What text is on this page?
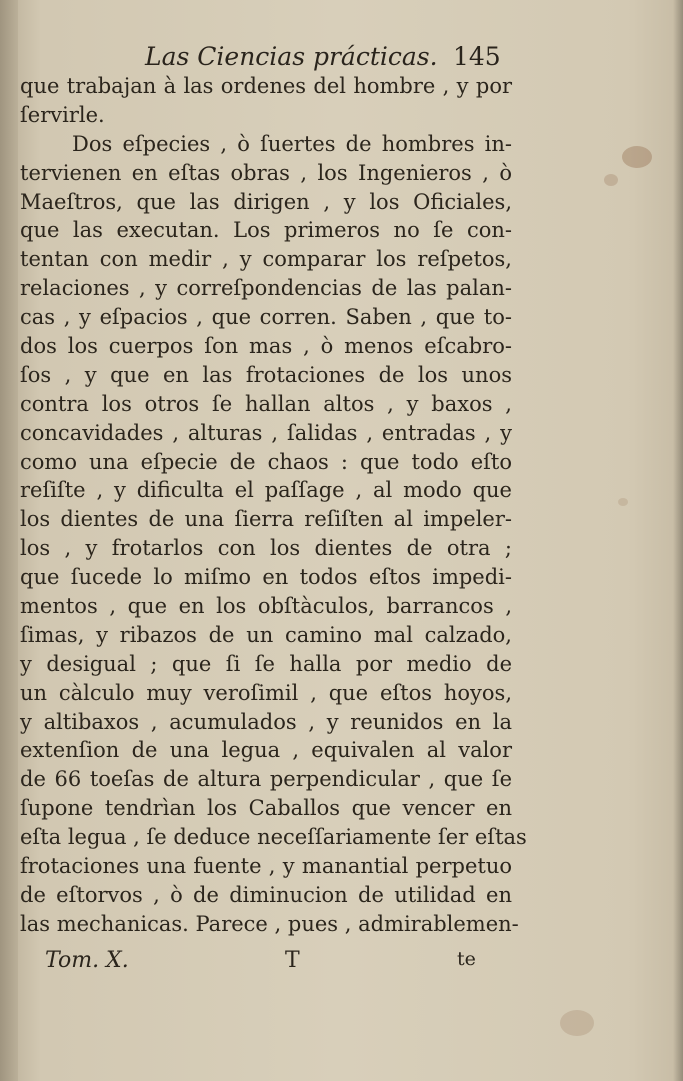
Las Ciencias prácticas. 145
que trabajan à las ordenes del hombre , y por
ſervirle.
Dos eſpecies , ò ſuertes de hombres in-
tervienen en eſtas obras , los Ingenieros , ò
Maeſtros, que las dirigen , y los Oficiales,
que las executan. Los primeros no ſe con-
tentan con medir , y comparar los reſpetos,
relaciones , y correſpondencias de las palan-
cas , y eſpacios , que corren. Saben , que to-
dos los cuerpos ſon mas , ò menos eſcabro-
ſos , y que en las frotaciones de los unos
contra los otros ſe hallan altos , y baxos ,
concavidades , alturas , ſalidas , entradas , y
como una eſpecie de chaos : que todo eſto
reſiſte , y dificulta el paſſage , al modo que
los dientes de una ſierra reſiſten al impeler-
los , y frotarlos con los dientes de otra ;
que ſucede lo miſmo en todos eſtos impedi-
mentos , que en los obſtàculos, barrancos ,
ſimas, y ribazos de un camino mal calzado,
y desigual ; que ſi ſe halla por medio de
un càlculo muy veroſimil , que eſtos hoyos,
y altibaxos , acumulados , y reunidos en la
extenſion de una legua , equivalen al valor
de 66 toeſas de altura perpendicular , que ſe
ſupone tendrìan los Caballos que vencer en
eſta legua , ſe deduce neceſſariamente ſer eſtas
frotaciones una fuente , y manantial perpetuo
de eſtorvos , ò de diminucion de utilidad en
las mechanicas. Parece , pues , admirablemen-
Tom. X.	T	te
